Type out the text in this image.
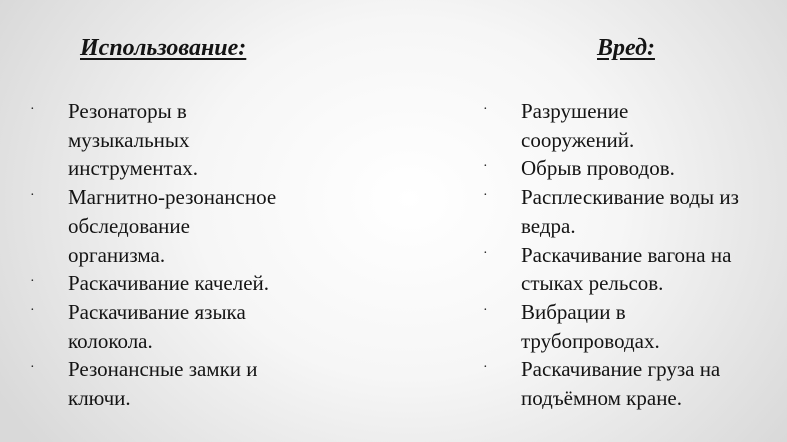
Использование:
· Резонаторы в
музыкальных
инструментах.
· Магнитно-резонансное
обследование
организма.
· Раскачивание качелей.
· Раскачивание языка
колокола.
· Резонансные замки и
ключи.
Вред:
· Разрушение
сооружений.
· Обрыв проводов.
· Расплескивание воды из
ведра.
· Раскачивание вагона на
стыках рельсов.
· Вибрации в
трубопроводах.
· Раскачивание груза на
подъёмном кране.
